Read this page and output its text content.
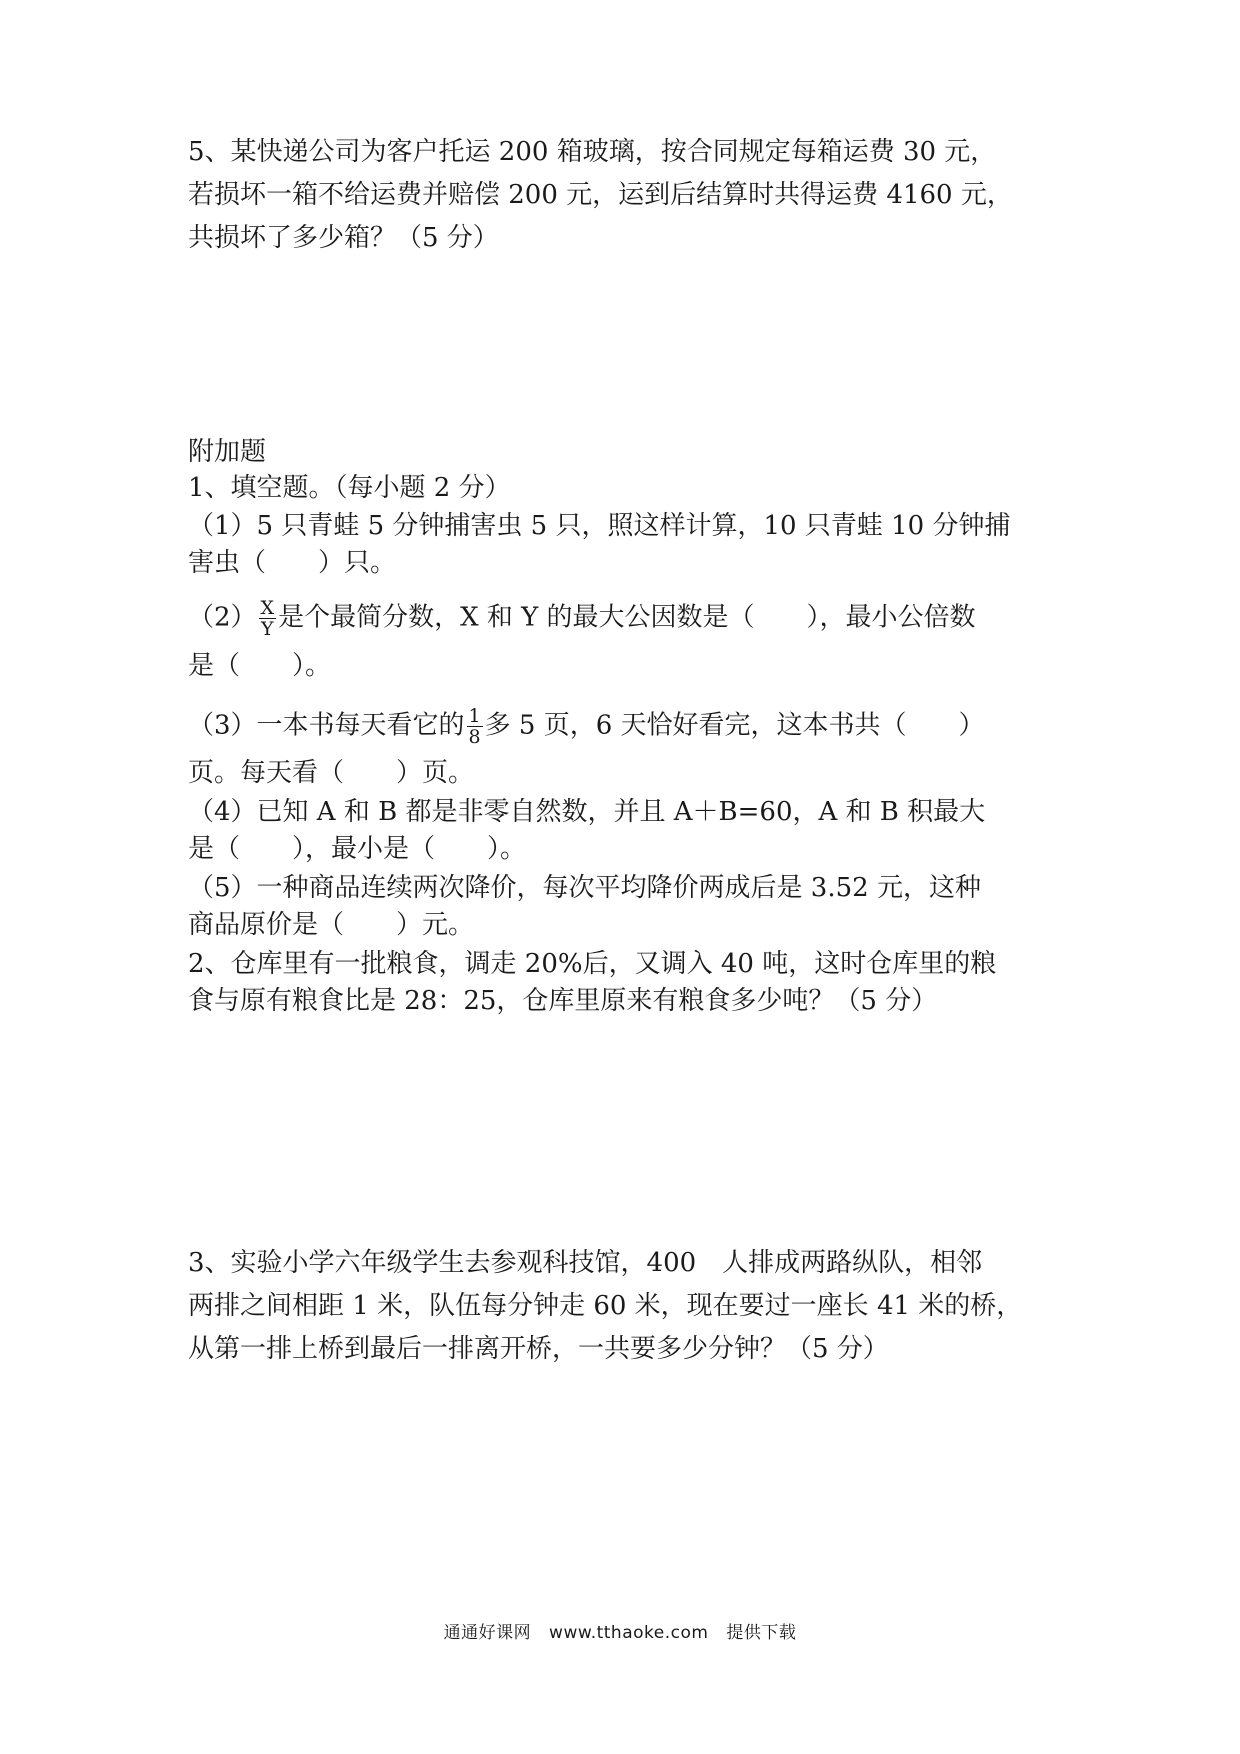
5、某快递公司为客户托运 200 箱玻璃，按合同规定每箱运费 30 元，
若损坏一箱不给运费并赔偿 200 元，运到后结算时共得运费 4160 元，
共损坏了多少箱？（5 分）
附加题
1、填空题。（每小题 2 分）
（1）5 只青蛙 5 分钟捕害虫 5 只，照这样计算，10 只青蛙 10 分钟捕
害虫（　　）只。
$(2) \frac{X}{Y}$ 是个最简分数，X 和 Y 的最大公因数是（　　），最小公倍数
是（　　）。
（3）一本书每天看它的 $\frac{1}{8}$ 多 5 页，6 天恰好看完，这本书共（　　）
页。每天看（　　）页。
（4）已知 A 和 B 都是非零自然数，并且 A＋B=60，A 和 B 积最大
是（　　），最小是（　　）。
（5）一种商品连续两次降价，每次平均降价两成后是 3.52 元，这种
商品原价是（　　）元。
2、仓库里有一批粮食，调走 20%后，又调入 40 吨，这时仓库里的粮
食与原有粮食比是 28：25，仓库里原来有粮食多少吨？（5 分）
3、实验小学六年级学生去参观科技馆，400　人排成两路纵队，相邻
两排之间相距 1 米，队伍每分钟走 60 米，现在要过一座长 41 米的桥，
从第一排上桥到最后一排离开桥，一共要多少分钟？（5 分）
通通好课网 www.tthaoke.com 提供下载
